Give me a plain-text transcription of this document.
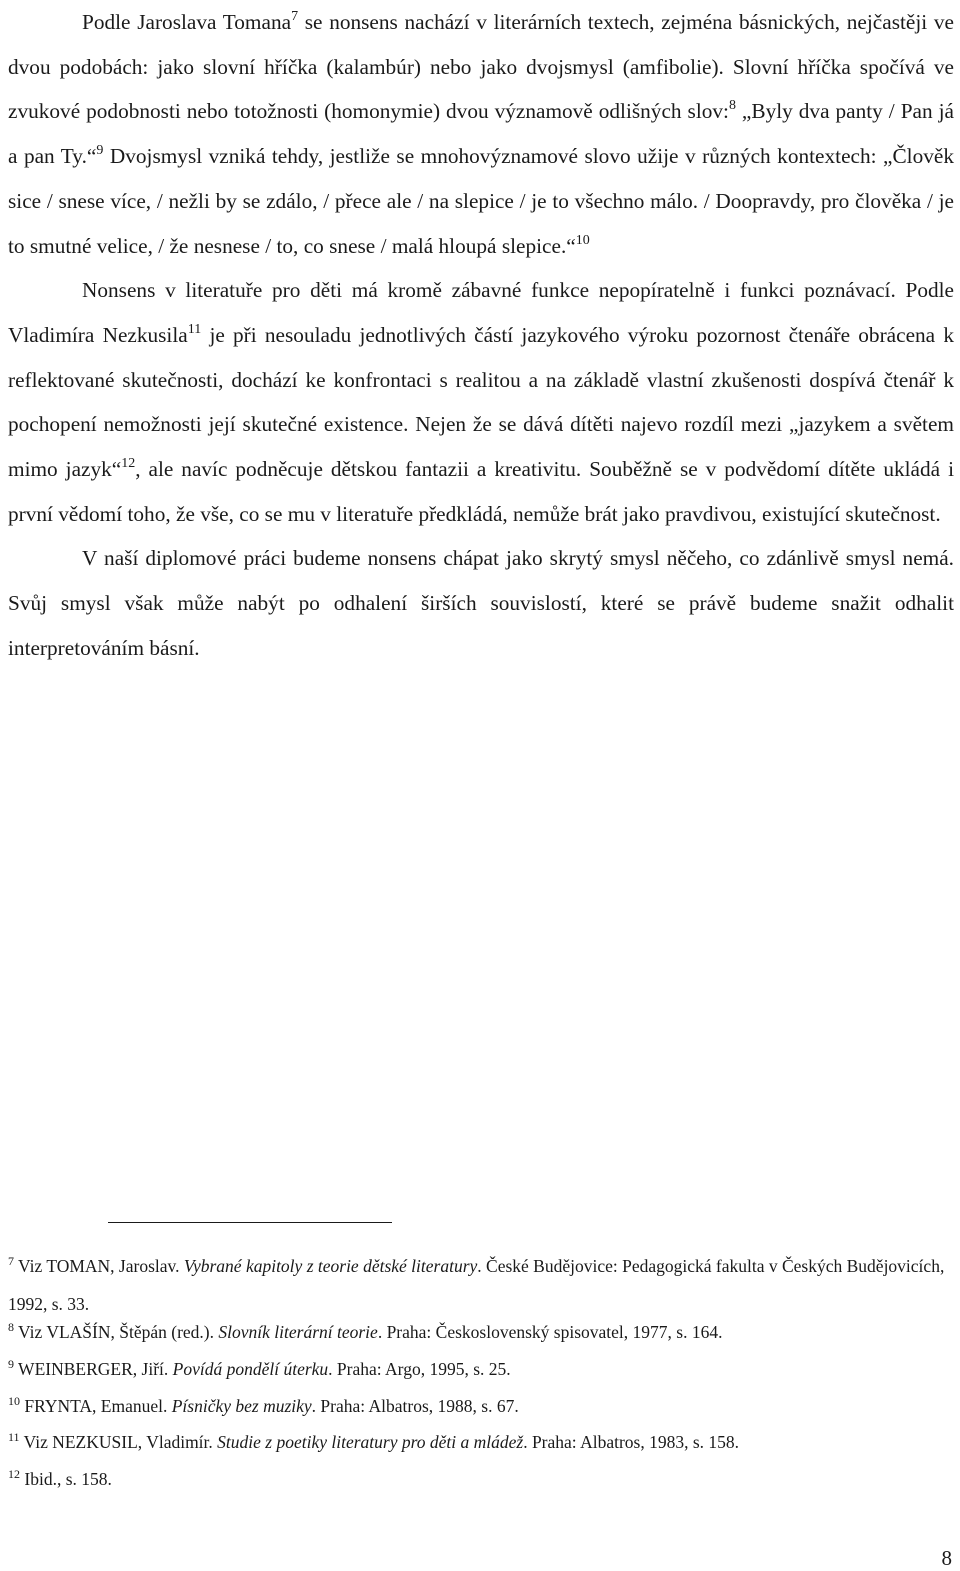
Podle Jaroslava Tomana$^7$ se nonsens nachází v literárních textech, zejména básnických, nejčastěji ve dvou podobách: jako slovní hříčka (kalambúr) nebo jako dvojsmysl (amfibolie). Slovní hříčka spočívá ve zvukové podobnosti nebo totožnosti (homonymie) dvou významově odlišných slov:$^8$ „Byly dva panty / Pan já a pan Ty.“$^9$ Dvojsmysl vzniká tehdy, jestliže se mnohovýznamové slovo užije v různých kontextech: „Člověk sice / snese více, / nežli by se zdálo, / přece ale / na slepice / je to všechno málo. / Doopravdy, pro člověka / je to smutné velice, / že nesnese / to, co snese / malá hloupá slepice.“$^{10}$

Nonsens v literatuře pro děti má kromě zábavné funkce nepopíratelně i funkci poznávací. Podle Vladimíra Nezkusila$^{11}$ je při nesouladu jednotlivých částí jazykového výroku pozornost čtenáře obrácena k reflektované skutečnosti, dochází ke konfrontaci s realitou a na základě vlastní zkušenosti dospívá čtenář k pochopení nemožnosti její skutečné existence. Nejen že se dává dítěti najevo rozdíl mezi „jazykem a světem mimo jazyk“$^{12}$, ale navíc podněcuje dětskou fantazii a kreativitu. Souběžně se v podvědomí dítěte ukládá i první vědomí toho, že vše, co se mu v literatuře předkládá, nemůže brát jako pravdivou, existující skutečnost.

V naší diplomové práci budeme nonsens chápat jako skrytý smysl něčeho, co zdánlivě smysl nemá. Svůj smysl však může nabýt po odhalení širších souvislostí, které se právě budeme snažit odhalit interpretováním básní.

$^7$ Viz TOMAN, Jaroslav. Vybrané kapitoly z teorie dětské literatury. České Budějovice: Pedagogická fakulta v Českých Budějovicích, 1992, s. 33.

$^8$ Viz VLAŠÍN, Štěpán (red.). Slovník literární teorie. Praha: Československý spisovatel, 1977, s. 164.

$^9$ WEINBERGER, Jiří. Povídá pondělí úterku. Praha: Argo, 1995, s. 25.

$^{10}$ FRYNTA, Emanuel. Písničky bez muziky. Praha: Albatros, 1988, s. 67.

$^{11}$ Viz NEZKUSIL, Vladimír. Studie z poetiky literatury pro děti a mládež. Praha: Albatros, 1983, s. 158.

$^{12}$ Ibid., s. 158.

8
